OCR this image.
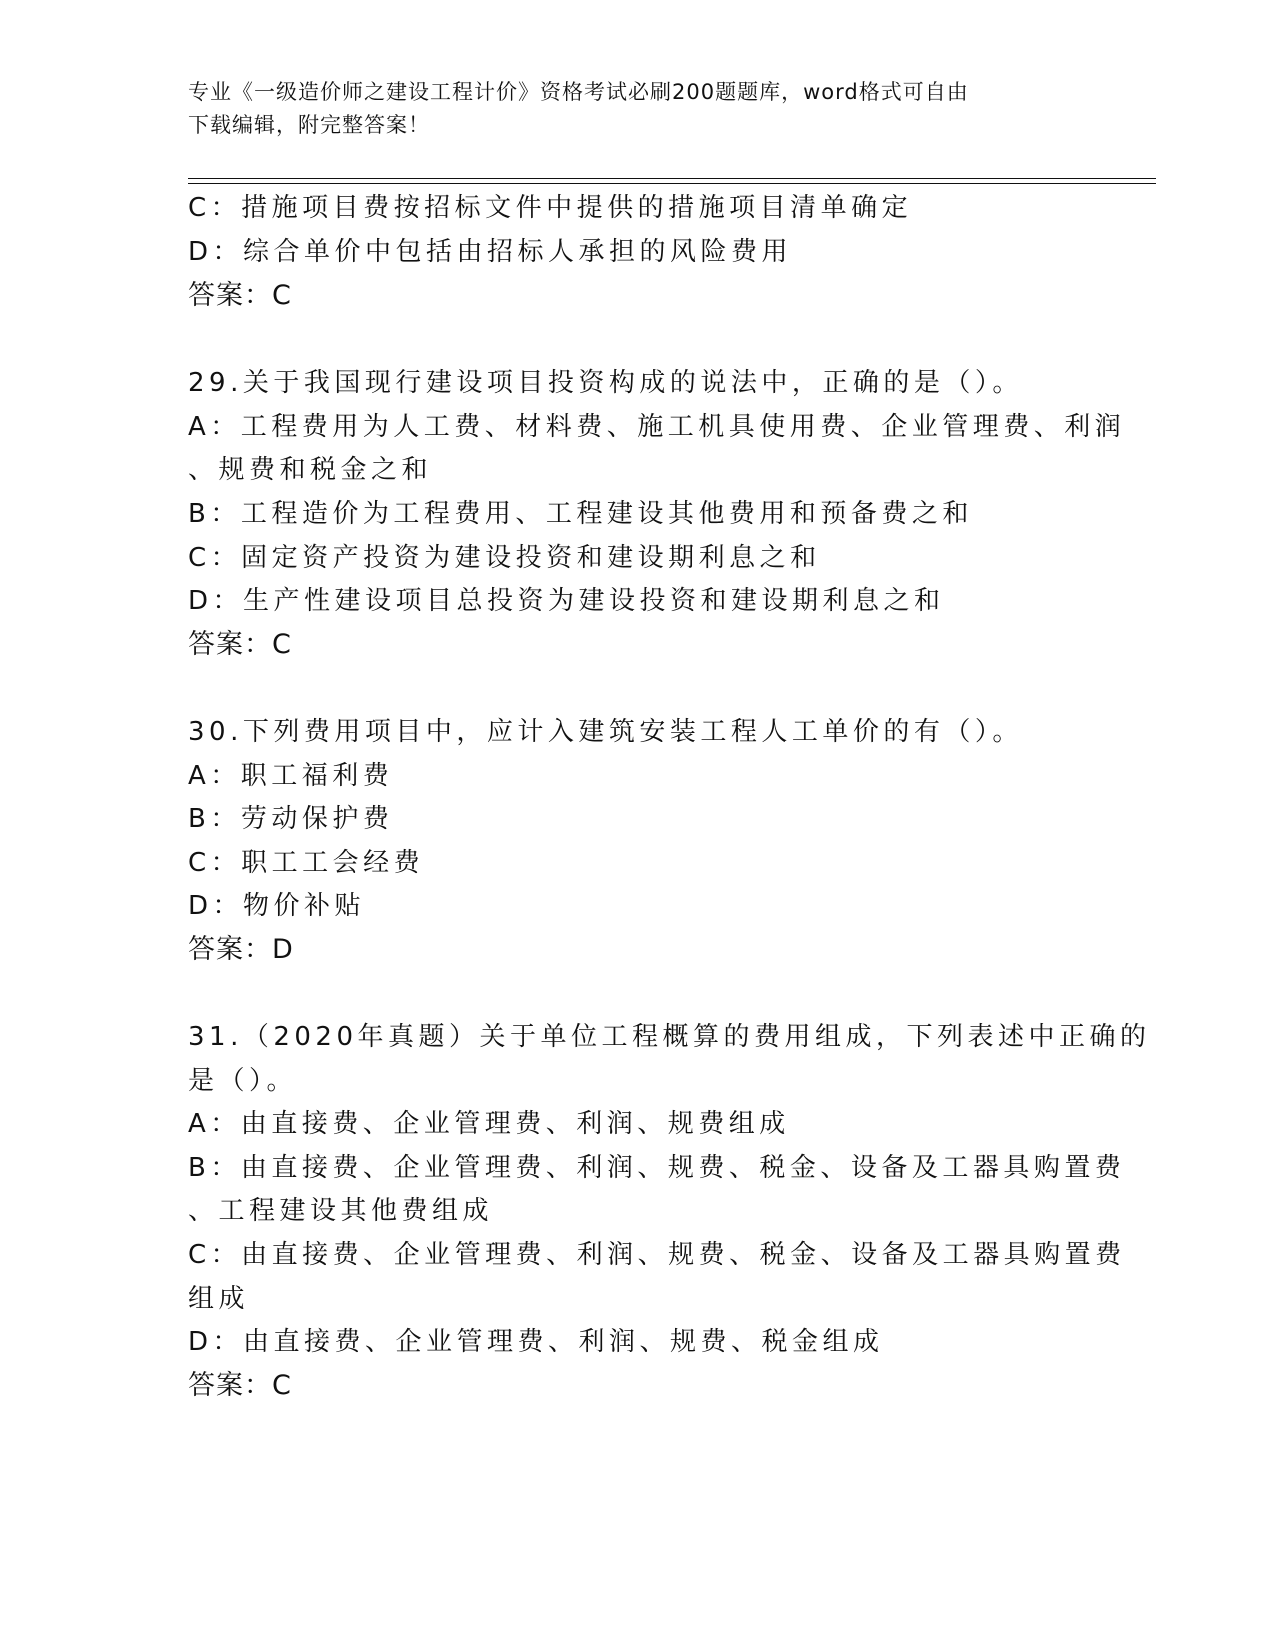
专业《一级造价师之建设工程计价》资格考试必刷200题题库，word格式可自由
下载编辑，附完整答案！
C：措施项目费按招标文件中提供的措施项目清单确定
D：综合单价中包括由招标人承担的风险费用
答案：C
29.关于我国现行建设项目投资构成的说法中，正确的是（）。
A：工程费用为人工费、材料费、施工机具使用费、企业管理费、利润
、规费和税金之和
B：工程造价为工程费用、工程建设其他费用和预备费之和
C：固定资产投资为建设投资和建设期利息之和
D：生产性建设项目总投资为建设投资和建设期利息之和
答案：C
30.下列费用项目中，应计入建筑安装工程人工单价的有（）。
A：职工福利费
B：劳动保护费
C：职工工会经费
D：物价补贴
答案：D
31.（2020年真题）关于单位工程概算的费用组成，下列表述中正确的
是（）。
A：由直接费、企业管理费、利润、规费组成
B：由直接费、企业管理费、利润、规费、税金、设备及工器具购置费
、工程建设其他费组成
C：由直接费、企业管理费、利润、规费、税金、设备及工器具购置费
组成
D：由直接费、企业管理费、利润、规费、税金组成
答案：C
